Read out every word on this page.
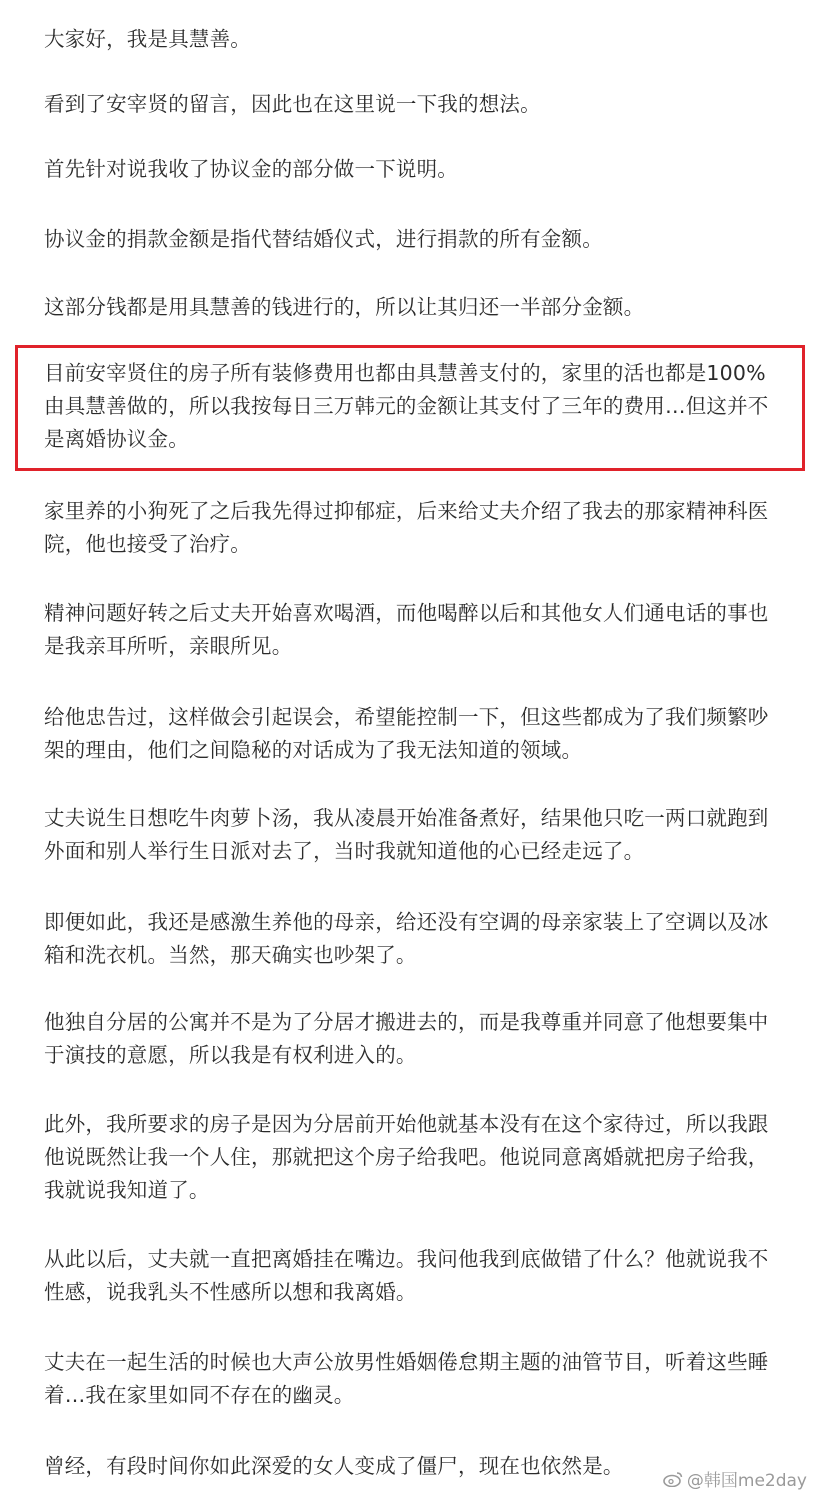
大家好，我是具慧善。

看到了安宰贤的留言，因此也在这里说一下我的想法。

首先针对说我收了协议金的部分做一下说明。

协议金的捐款金额是指代替结婚仪式，进行捐款的所有金额。

这部分钱都是用具慧善的钱进行的，所以让其归还一半部分金额。

目前安宰贤住的房子所有装修费用也都由具慧善支付的，家里的活也都是100%由具慧善做的，所以我按每日三万韩元的金额让其支付了三年的费用…但这并不是离婚协议金。

家里养的小狗死了之后我先得过抑郁症，后来给丈夫介绍了我去的那家精神科医院，他也接受了治疗。

精神问题好转之后丈夫开始喜欢喝酒，而他喝醉以后和其他女人们通电话的事也是我亲耳所听，亲眼所见。

给他忠告过，这样做会引起误会，希望能控制一下，但这些都成为了我们频繁吵架的理由，他们之间隐秘的对话成为了我无法知道的领域。

丈夫说生日想吃牛肉萝卜汤，我从凌晨开始准备煮好，结果他只吃一两口就跑到外面和别人举行生日派对去了，当时我就知道他的心已经走远了。

即便如此，我还是感激生养他的母亲，给还没有空调的母亲家装上了空调以及冰箱和洗衣机。当然，那天确实也吵架了。

他独自分居的公寓并不是为了分居才搬进去的，而是我尊重并同意了他想要集中于演技的意愿，所以我是有权利进入的。

此外，我所要求的房子是因为分居前开始他就基本没有在这个家待过，所以我跟他说既然让我一个人住，那就把这个房子给我吧。他说同意离婚就把房子给我，我就说我知道了。

从此以后，丈夫就一直把离婚挂在嘴边。我问他我到底做错了什么？他就说我不性感，说我乳头不性感所以想和我离婚。

丈夫在一起生活的时候也大声公放男性婚姻倦怠期主题的油管节目，听着这些睡着…我在家里如同不存在的幽灵。

曾经，有段时间你如此深爱的女人变成了僵尸，现在也依然是。

@韩国me2day
